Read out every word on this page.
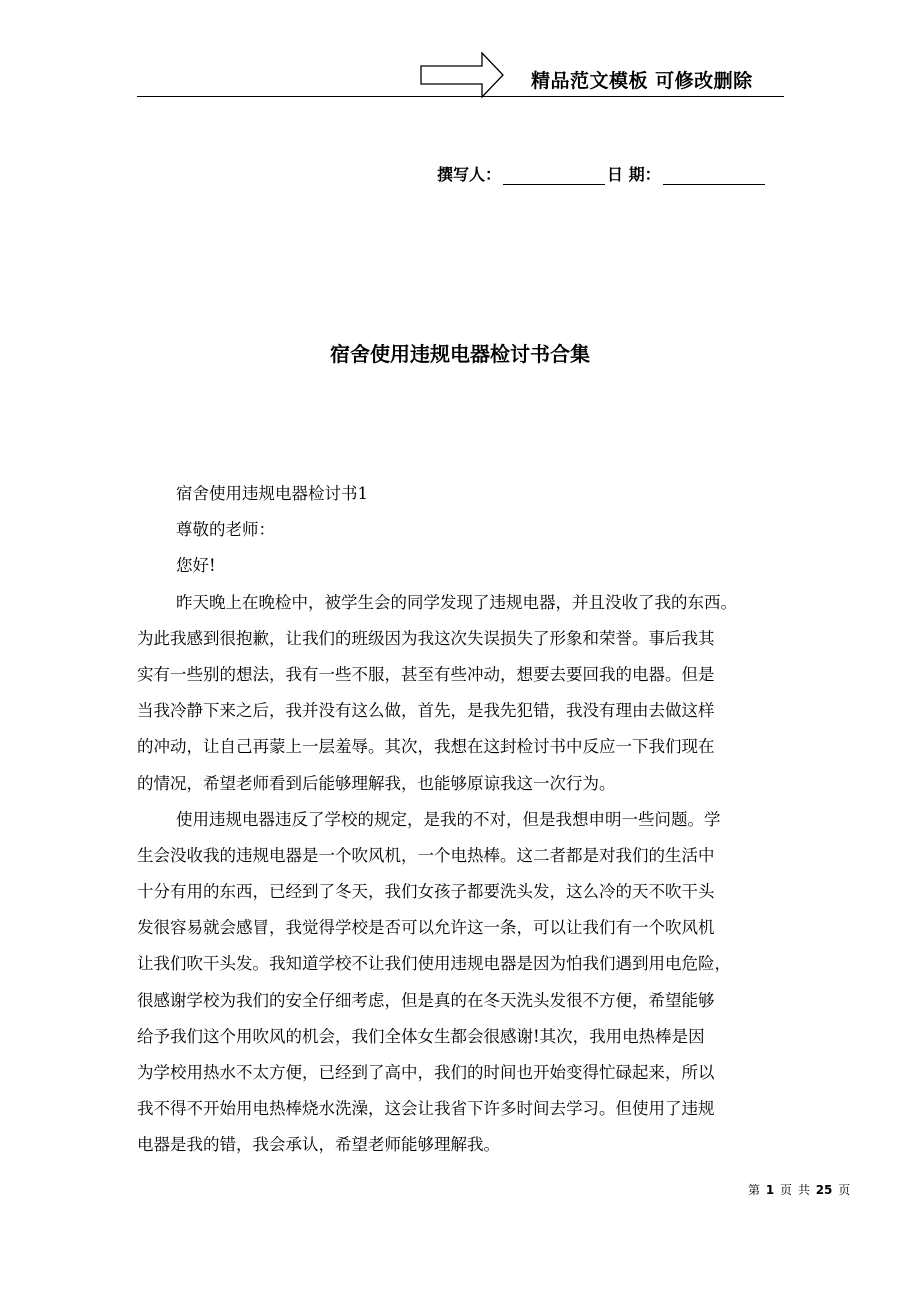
精品范文模板 可修改删除
撰写人：	日 期：
宿舍使用违规电器检讨书合集
宿舍使用违规电器检讨书1
尊敬的老师：
您好!
昨天晚上在晚检中，被学生会的同学发现了违规电器，并且没收了我的东西。
为此我感到很抱歉，让我们的班级因为我这次失误损失了形象和荣誉。事后我其
实有一些别的想法，我有一些不服，甚至有些冲动，想要去要回我的电器。但是
当我冷静下来之后，我并没有这么做，首先，是我先犯错，我没有理由去做这样
的冲动，让自己再蒙上一层羞辱。其次，我想在这封检讨书中反应一下我们现在
的情况，希望老师看到后能够理解我，也能够原谅我这一次行为。
使用违规电器违反了学校的规定，是我的不对，但是我想申明一些问题。学
生会没收我的违规电器是一个吹风机，一个电热棒。这二者都是对我们的生活中
十分有用的东西，已经到了冬天，我们女孩子都要洗头发，这么冷的天不吹干头
发很容易就会感冒，我觉得学校是否可以允许这一条，可以让我们有一个吹风机
让我们吹干头发。我知道学校不让我们使用违规电器是因为怕我们遇到用电危险，
很感谢学校为我们的安全仔细考虑，但是真的在冬天洗头发很不方便，希望能够
给予我们这个用吹风的机会，我们全体女生都会很感谢!其次，我用电热棒是因
为学校用热水不太方便，已经到了高中，我们的时间也开始变得忙碌起来，所以
我不得不开始用电热棒烧水洗澡，这会让我省下许多时间去学习。但使用了违规
电器是我的错，我会承认，希望老师能够理解我。
第 1 页 共 25 页
